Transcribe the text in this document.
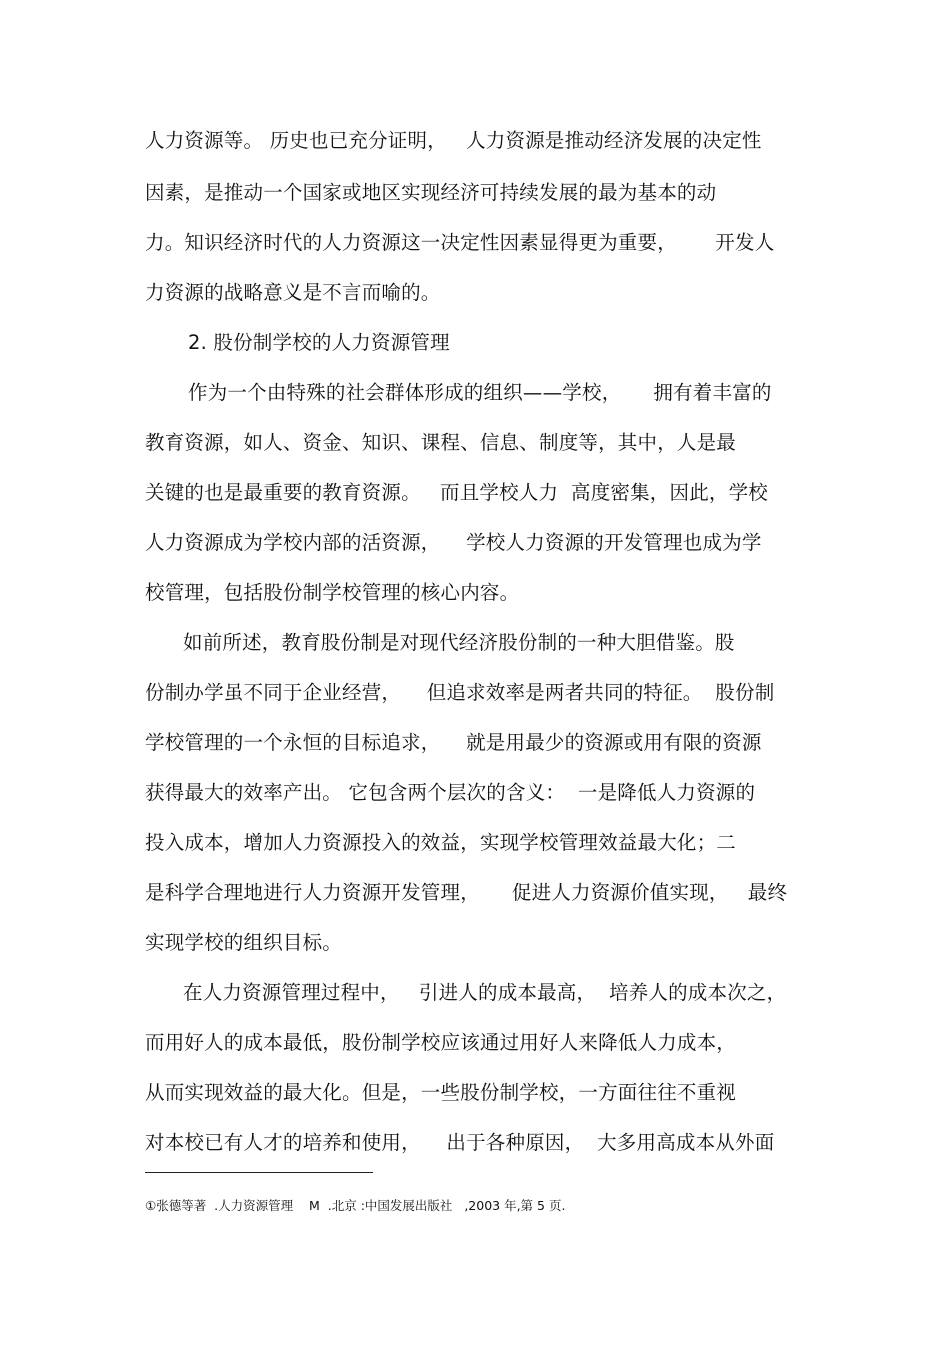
人力资源等。 历史也已充分证明，   人力资源是推动经济发展的决定性
因素，是推动一个国家或地区实现经济可持续发展的最为基本的动
力。知识经济时代的人力资源这一决定性因素显得更为重要，      开发人
力资源的战略意义是不言而喻的。
2. 股份制学校的人力资源管理
作为一个由特殊的社会群体形成的组织——学校，     拥有着丰富的
教育资源，如人、资金、知识、课程、信息、制度等，其中，人是最
关键的也是最重要的教育资源。   而且学校人力  高度密集，因此，学校
人力资源成为学校内部的活资源，    学校人力资源的开发管理也成为学
校管理，包括股份制学校管理的核心内容。
如前所述，教育股份制是对现代经济股份制的一种大胆借鉴。股
份制办学虽不同于企业经营，    但追求效率是两者共同的特征。  股份制
学校管理的一个永恒的目标追求，    就是用最少的资源或用有限的资源
获得最大的效率产出。 它包含两个层次的含义：  一是降低人力资源的
投入成本，增加人力资源投入的效益，实现学校管理效益最大化；二
是科学合理地进行人力资源开发管理，     促进人力资源价值实现，   最终
实现学校的组织目标。
在人力资源管理过程中，   引进人的成本最高，  培养人的成本次之，
而用好人的成本最低，股份制学校应该通过用好人来降低人力成本，
从而实现效益的最大化。但是，一些股份制学校，一方面往往不重视
对本校已有人才的培养和使用，    出于各种原因，  大多用高成本从外面
①张德等著  .人力资源管理    M  .北京 :中国发展出版社   ,2003 年,第 5 页.
